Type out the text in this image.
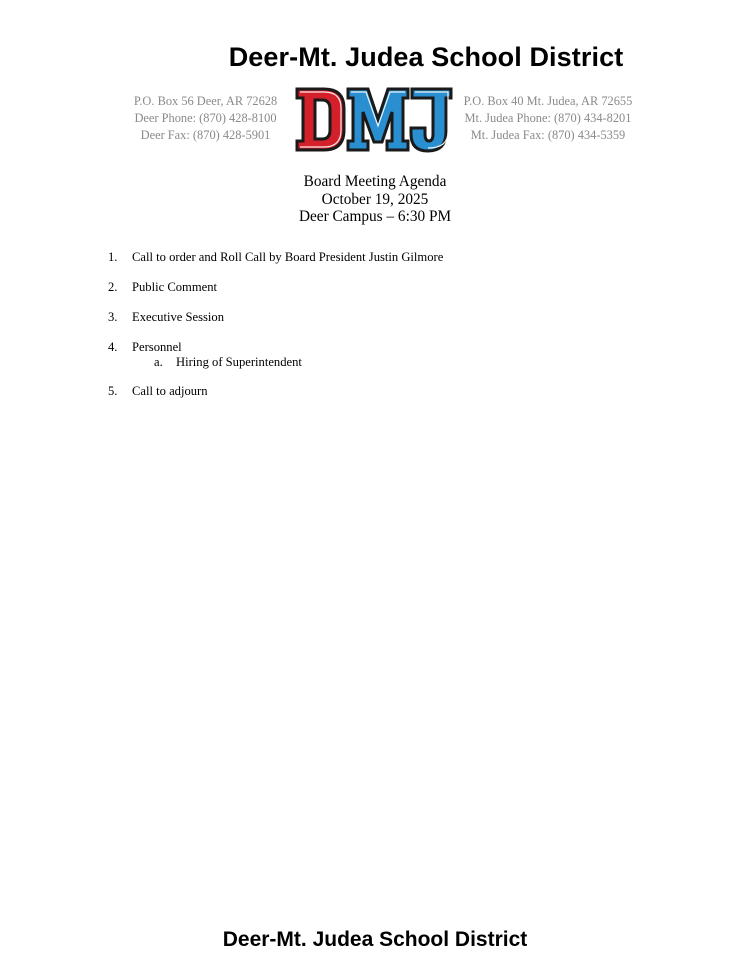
Deer-Mt. Judea School District
P.O. Box 56 Deer, AR 72628
Deer Phone: (870) 428-8100
Deer Fax: (870) 428-5901
P.O. Box 40 Mt. Judea, AR 72655
Mt. Judea Phone: (870) 434-8201
Mt. Judea Fax: (870) 434-5359
Board Meeting Agenda
October 19, 2025
Deer Campus – 6:30 PM
1. Call to order and Roll Call by Board President Justin Gilmore
2. Public Comment
3. Executive Session
4. Personnel
a. Hiring of Superintendent
5. Call to adjourn
Deer-Mt. Judea School District
